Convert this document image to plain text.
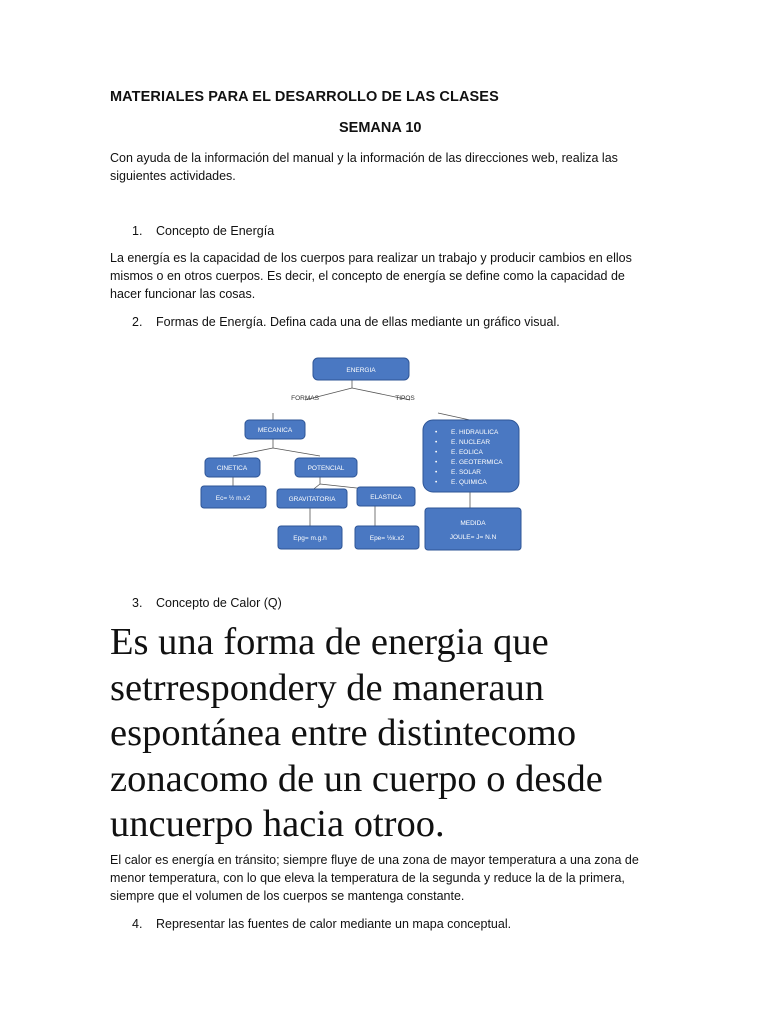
MATERIALES PARA EL DESARROLLO DE LAS CLASES
SEMANA 10
Con ayuda de la información del manual y la información de las direcciones web, realiza las
siguientes actividades.
1. Concepto de Energía
La energía es la capacidad de los cuerpos para realizar un trabajo y producir cambios en ellos
mismos o en otros cuerpos. Es decir, el concepto de energía se define como la capacidad de
hacer funcionar las cosas.
2. Formas de Energía. Defina cada una de ellas mediante un gráfico visual.
ENERGIA
FORMAS	TIPOS
MECANICA
CINETICA	POTENCIAL
Ec= ½ m.v2	GRAVITATORIA	ELASTICA
Epg= m.g.h	Epe= ½k.x2
• E. HIDRAULICA
• E. NUCLEAR
• E. EOLICA
• E. GEOTERMICA
• E. SOLAR
• E. QUIMICA
MEDIDA
JOULE= J= N.N
3. Concepto de Calor (Q)
Es una forma de energia que
setrrespondery de maneraun
espontánea entre distintecomo
zonacomo de un cuerpo o desde
uncuerpo hacia otroo.
El calor es energía en tránsito; siempre fluye de una zona de mayor temperatura a una zona de
menor temperatura, con lo que eleva la temperatura de la segunda y reduce la de la primera,
siempre que el volumen de los cuerpos se mantenga constante.
4. Representar las fuentes de calor mediante un mapa conceptual.
